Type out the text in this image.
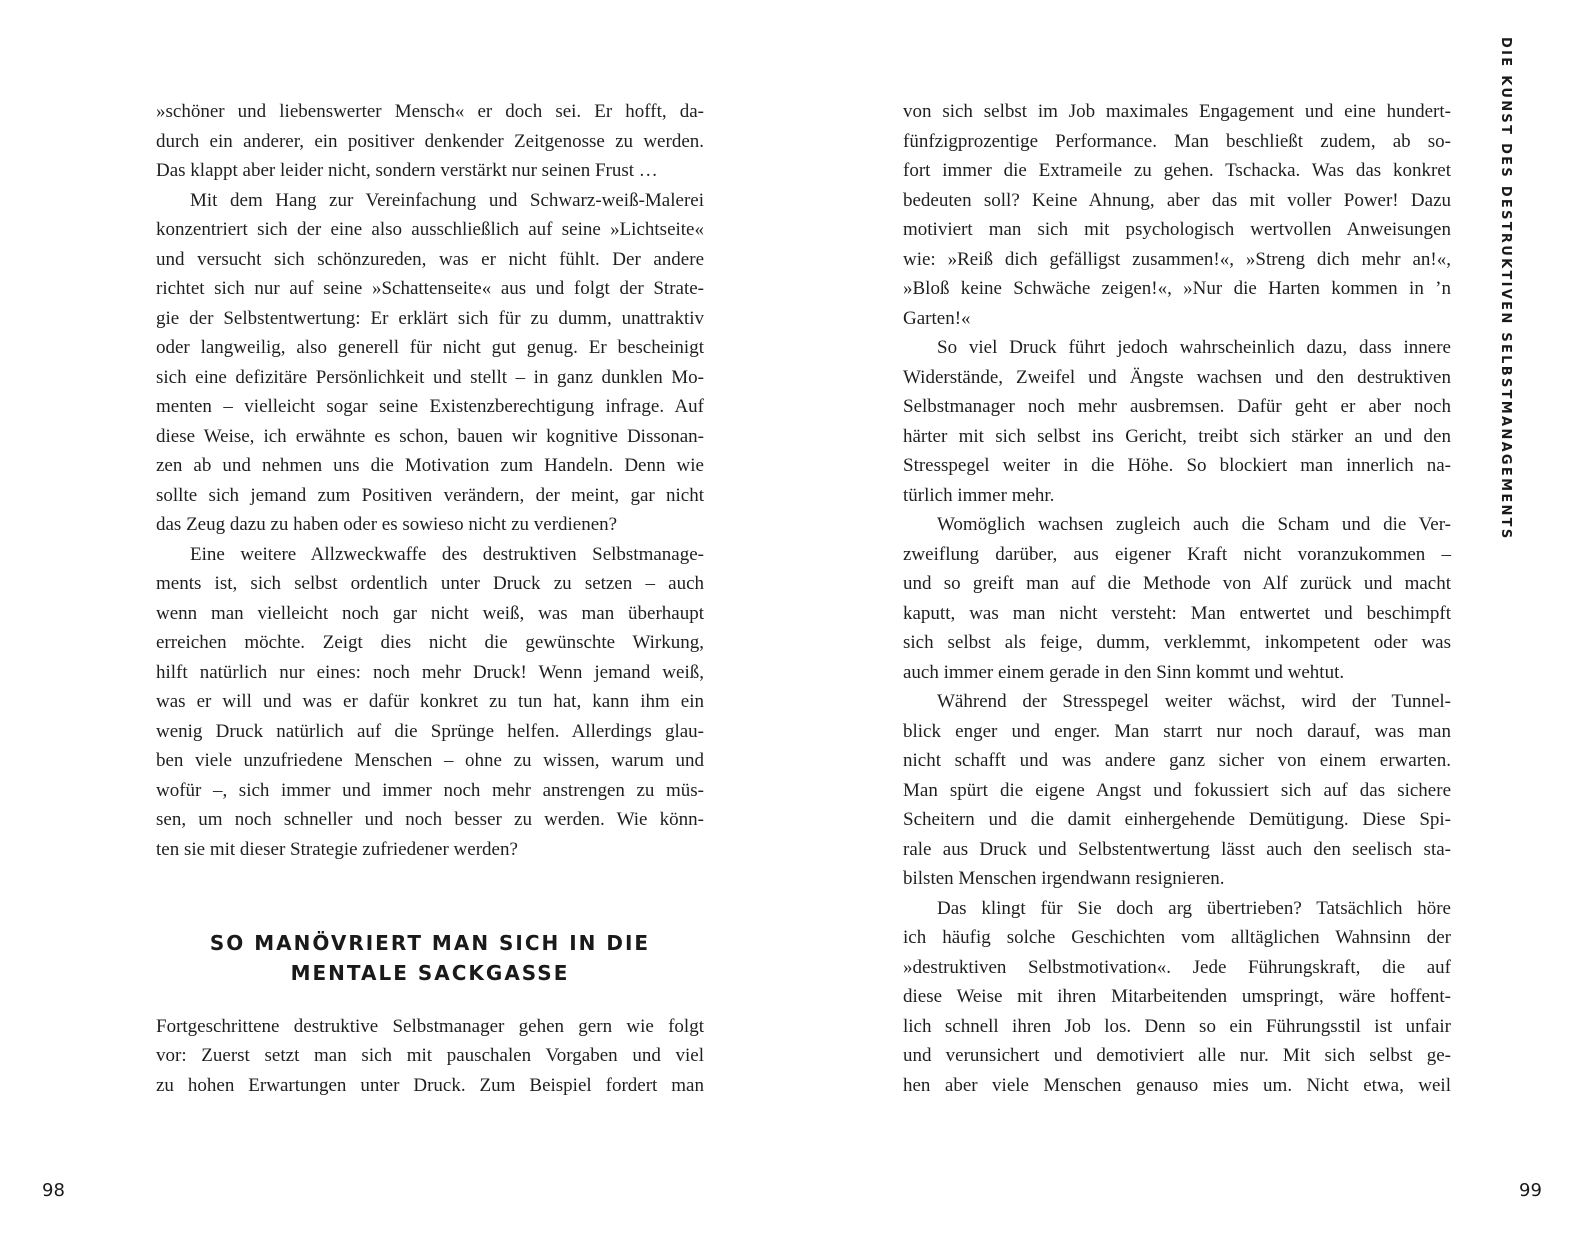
»schöner und liebenswerter Mensch« er doch sei. Er hofft, da-
durch ein anderer, ein positiver denkender Zeitgenosse zu werden.
Das klappt aber leider nicht, sondern verstärkt nur seinen Frust …
Mit dem Hang zur Vereinfachung und Schwarz-weiß-Malerei
konzentriert sich der eine also ausschließlich auf seine »Lichtseite«
und versucht sich schönzureden, was er nicht fühlt. Der andere
richtet sich nur auf seine »Schattenseite« aus und folgt der Strate-
gie der Selbstentwertung: Er erklärt sich für zu dumm, unattraktiv
oder langweilig, also generell für nicht gut genug. Er bescheinigt
sich eine defizitäre Persönlichkeit und stellt – in ganz dunklen Mo-
menten – vielleicht sogar seine Existenzberechtigung infrage. Auf
diese Weise, ich erwähnte es schon, bauen wir kognitive Dissonan-
zen ab und nehmen uns die Motivation zum Handeln. Denn wie
sollte sich jemand zum Positiven verändern, der meint, gar nicht
das Zeug dazu zu haben oder es sowieso nicht zu verdienen?
Eine weitere Allzweckwaffe des destruktiven Selbstmanage-
ments ist, sich selbst ordentlich unter Druck zu setzen – auch
wenn man vielleicht noch gar nicht weiß, was man überhaupt
erreichen möchte. Zeigt dies nicht die gewünschte Wirkung,
hilft natürlich nur eines: noch mehr Druck! Wenn jemand weiß,
was er will und was er dafür konkret zu tun hat, kann ihm ein
wenig Druck natürlich auf die Sprünge helfen. Allerdings glau-
ben viele unzufriedene Menschen – ohne zu wissen, warum und
wofür –, sich immer und immer noch mehr anstrengen zu müs-
sen, um noch schneller und noch besser zu werden. Wie könn-
ten sie mit dieser Strategie zufriedener werden?
SO MANÖVRIERT MAN SICH IN DIE
MENTALE SACKGASSE
Fortgeschrittene destruktive Selbstmanager gehen gern wie folgt
vor: Zuerst setzt man sich mit pauschalen Vorgaben und viel
zu hohen Erwartungen unter Druck. Zum Beispiel fordert man
98
von sich selbst im Job maximales Engagement und eine hundert-
fünfzigprozentige Performance. Man beschließt zudem, ab so-
fort immer die Extrameile zu gehen. Tschacka. Was das konkret
bedeuten soll? Keine Ahnung, aber das mit voller Power! Dazu
motiviert man sich mit psychologisch wertvollen Anweisungen
wie: »Reiß dich gefälligst zusammen!«, »Streng dich mehr an!«,
»Bloß keine Schwäche zeigen!«, »Nur die Harten kommen in ’n
Garten!«
So viel Druck führt jedoch wahrscheinlich dazu, dass innere
Widerstände, Zweifel und Ängste wachsen und den destruktiven
Selbstmanager noch mehr ausbremsen. Dafür geht er aber noch
härter mit sich selbst ins Gericht, treibt sich stärker an und den
Stresspegel weiter in die Höhe. So blockiert man innerlich na-
türlich immer mehr.
Womöglich wachsen zugleich auch die Scham und die Ver-
zweiflung darüber, aus eigener Kraft nicht voranzukommen –
und so greift man auf die Methode von Alf zurück und macht
kaputt, was man nicht versteht: Man entwertet und beschimpft
sich selbst als feige, dumm, verklemmt, inkompetent oder was
auch immer einem gerade in den Sinn kommt und wehtut.
Während der Stresspegel weiter wächst, wird der Tunnel-
blick enger und enger. Man starrt nur noch darauf, was man
nicht schafft und was andere ganz sicher von einem erwarten.
Man spürt die eigene Angst und fokussiert sich auf das sichere
Scheitern und die damit einhergehende Demütigung. Diese Spi-
rale aus Druck und Selbstentwertung lässt auch den seelisch sta-
bilsten Menschen irgendwann resignieren.
Das klingt für Sie doch arg übertrieben? Tatsächlich höre
ich häufig solche Geschichten vom alltäglichen Wahnsinn der
»destruktiven Selbstmotivation«. Jede Führungskraft, die auf
diese Weise mit ihren Mitarbeitenden umspringt, wäre hoffent-
lich schnell ihren Job los. Denn so ein Führungsstil ist unfair
und verunsichert und demotiviert alle nur. Mit sich selbst ge-
hen aber viele Menschen genauso mies um. Nicht etwa, weil
DIE KUNST DES DESTRUKTIVEN SELBSTMANAGEMENTS
99
